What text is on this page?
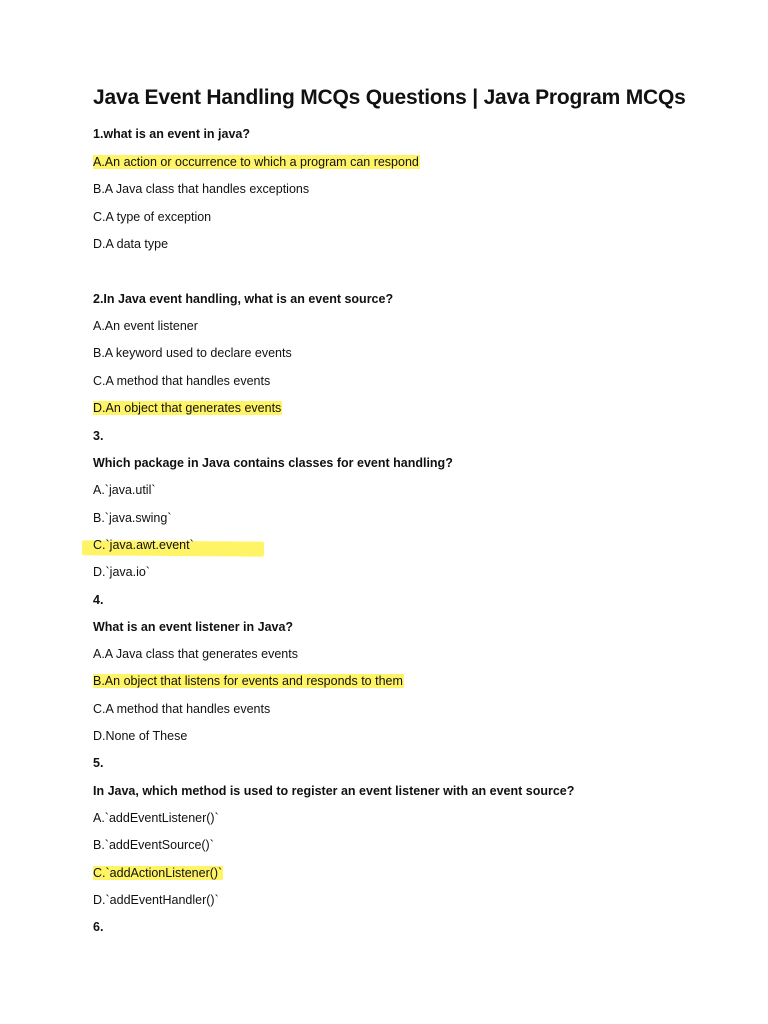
Java Event Handling MCQs Questions | Java Program MCQs
1.what is an event in java?
A.An action or occurrence to which a program can respond
B.A Java class that handles exceptions
C.A type of exception
D.A data type
2.In Java event handling, what is an event source?
A.An event listener
B.A keyword used to declare events
C.A method that handles events
D.An object that generates events
3.
Which package in Java contains classes for event handling?
A.`java.util`
B.`java.swing`
C.`java.awt.event`
D.`java.io`
4.
What is an event listener in Java?
A.A Java class that generates events
B.An object that listens for events and responds to them
C.A method that handles events
D.None of These
5.
In Java, which method is used to register an event listener with an event source?
A.`addEventListener()`
B.`addEventSource()`
C.`addActionListener()`
D.`addEventHandler()`
6.
